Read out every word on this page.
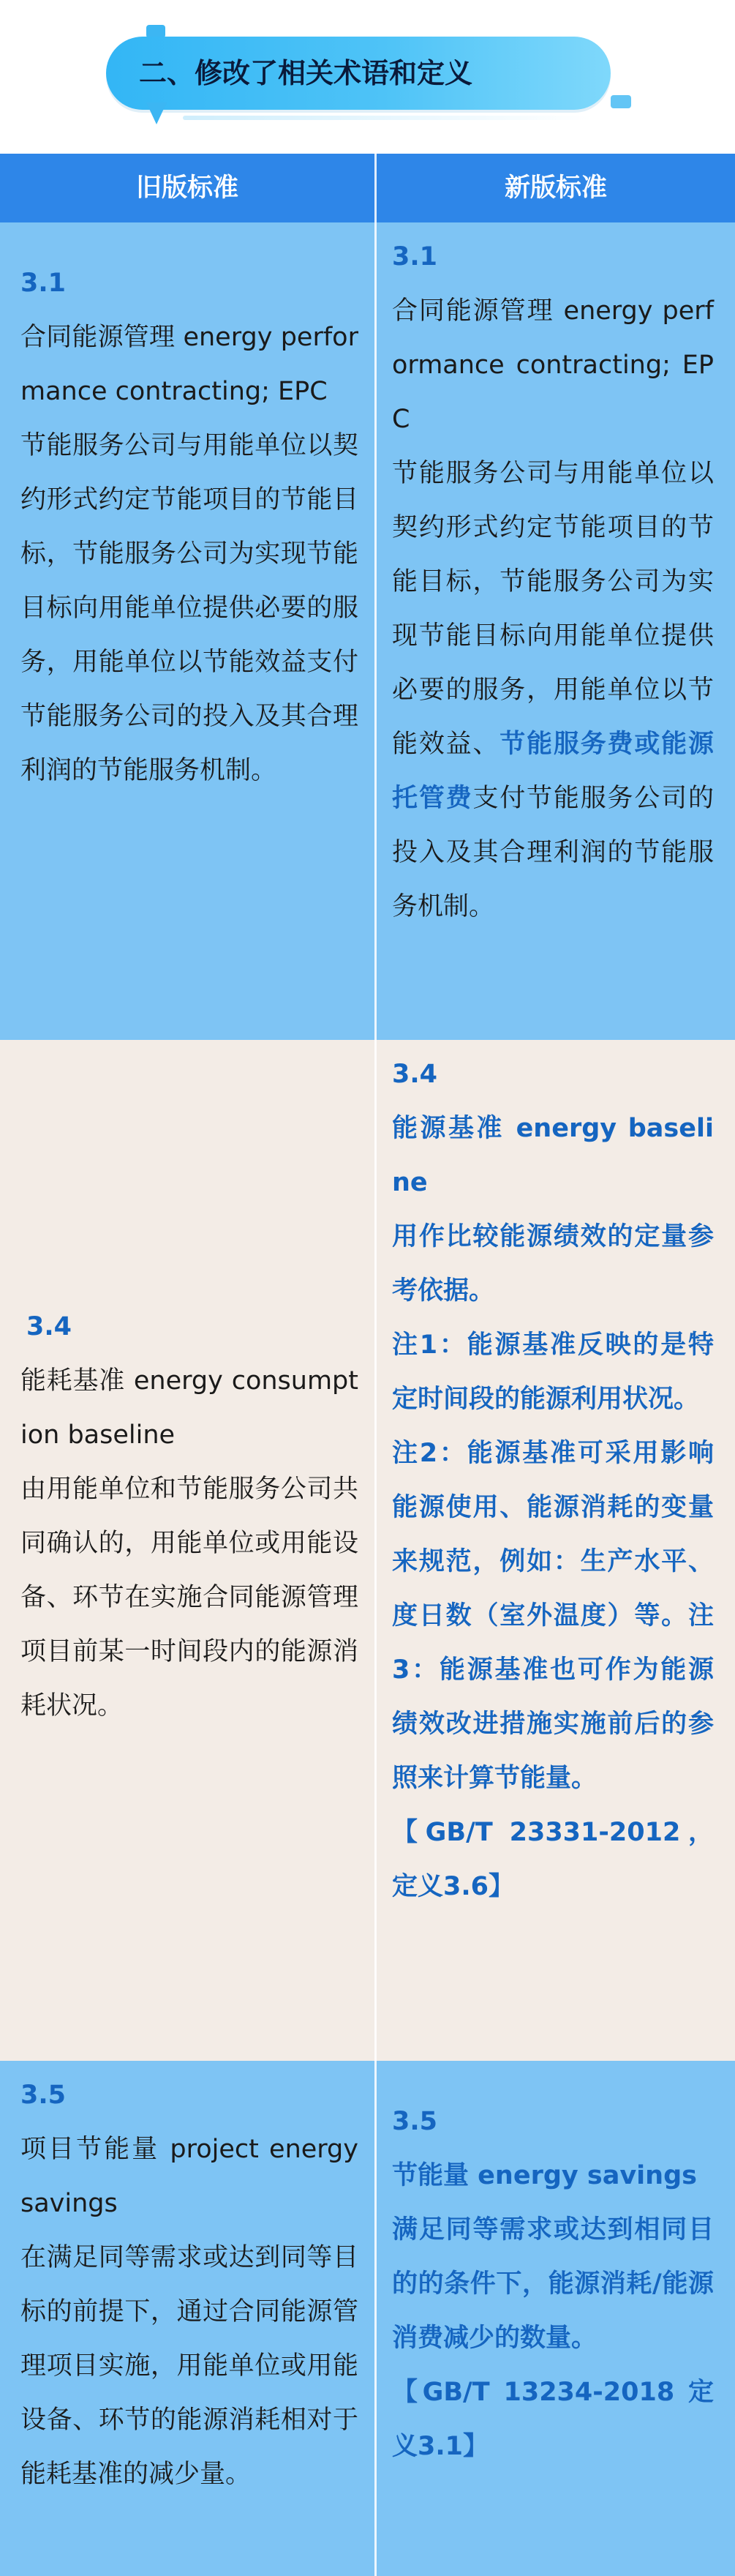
二、修改了相关术语和定义
旧版标准	新版标准
3.1
合同能源管理 energy performance contracting; EPC
节能服务公司与用能单位以契约形式约定节能项目的节能目标，节能服务公司为实现节能目标向用能单位提供必要的服务，用能单位以节能效益支付节能服务公司的投入及其合理利润的节能服务机制。
3.1
合同能源管理 energy performance contracting; EPC
节能服务公司与用能单位以契约形式约定节能项目的节能目标，节能服务公司为实现节能目标向用能单位提供必要的服务，用能单位以节能效益、节能服务费或能源托管费支付节能服务公司的投入及其合理利润的节能服务机制。
3.4
能耗基准 energy consumption baseline
由用能单位和节能服务公司共同确认的，用能单位或用能设备、环节在实施合同能源管理项目前某一时间段内的能源消耗状况。
3.4
能源基准 energy baseline
用作比较能源绩效的定量参考依据。
注1：能源基准反映的是特定时间段的能源利用状况。
注2：能源基准可采用影响能源使用、能源消耗的变量来规范，例如：生产水平、度日数（室外温度）等。注3：能源基准也可作为能源绩效改进措施实施前后的参照来计算节能量。
【GB/T 23331-2012，定义3.6】
3.5
项目节能量 project energy savings
在满足同等需求或达到同等目标的前提下，通过合同能源管理项目实施，用能单位或用能设备、环节的能源消耗相对于能耗基准的减少量。
3.5
节能量 energy savings
满足同等需求或达到相同目的的条件下，能源消耗/能源消费减少的数量。
【GB/T 13234-2018 定义3.1】
